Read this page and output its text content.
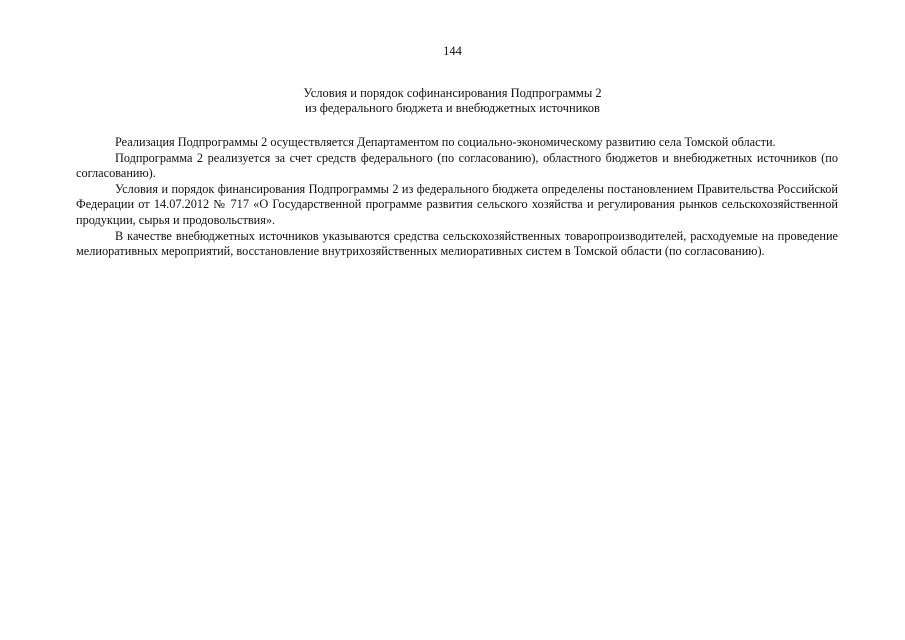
144
Условия и порядок софинансирования Подпрограммы 2
из федерального бюджета и внебюджетных источников

Реализация Подпрограммы 2 осуществляется Департаментом по социально-экономическому развитию села Томской области.

Подпрограмма 2 реализуется за счет средств федерального (по согласованию), областного бюджетов и внебюджетных источников (по согласованию).

Условия и порядок финансирования Подпрограммы 2 из федерального бюджета определены постановлением Правительства Российской Федерации от 14.07.2012 № 717 «О Государственной программе развития сельского хозяйства и регулирования рынков сельскохозяйственной продукции, сырья и продовольствия».

В качестве внебюджетных источников указываются средства сельскохозяйственных товаропроизводителей, расходуемые на проведение мелиоративных мероприятий, восстановление внутрихозяйственных мелиоративных систем в Томской области (по согласованию).
